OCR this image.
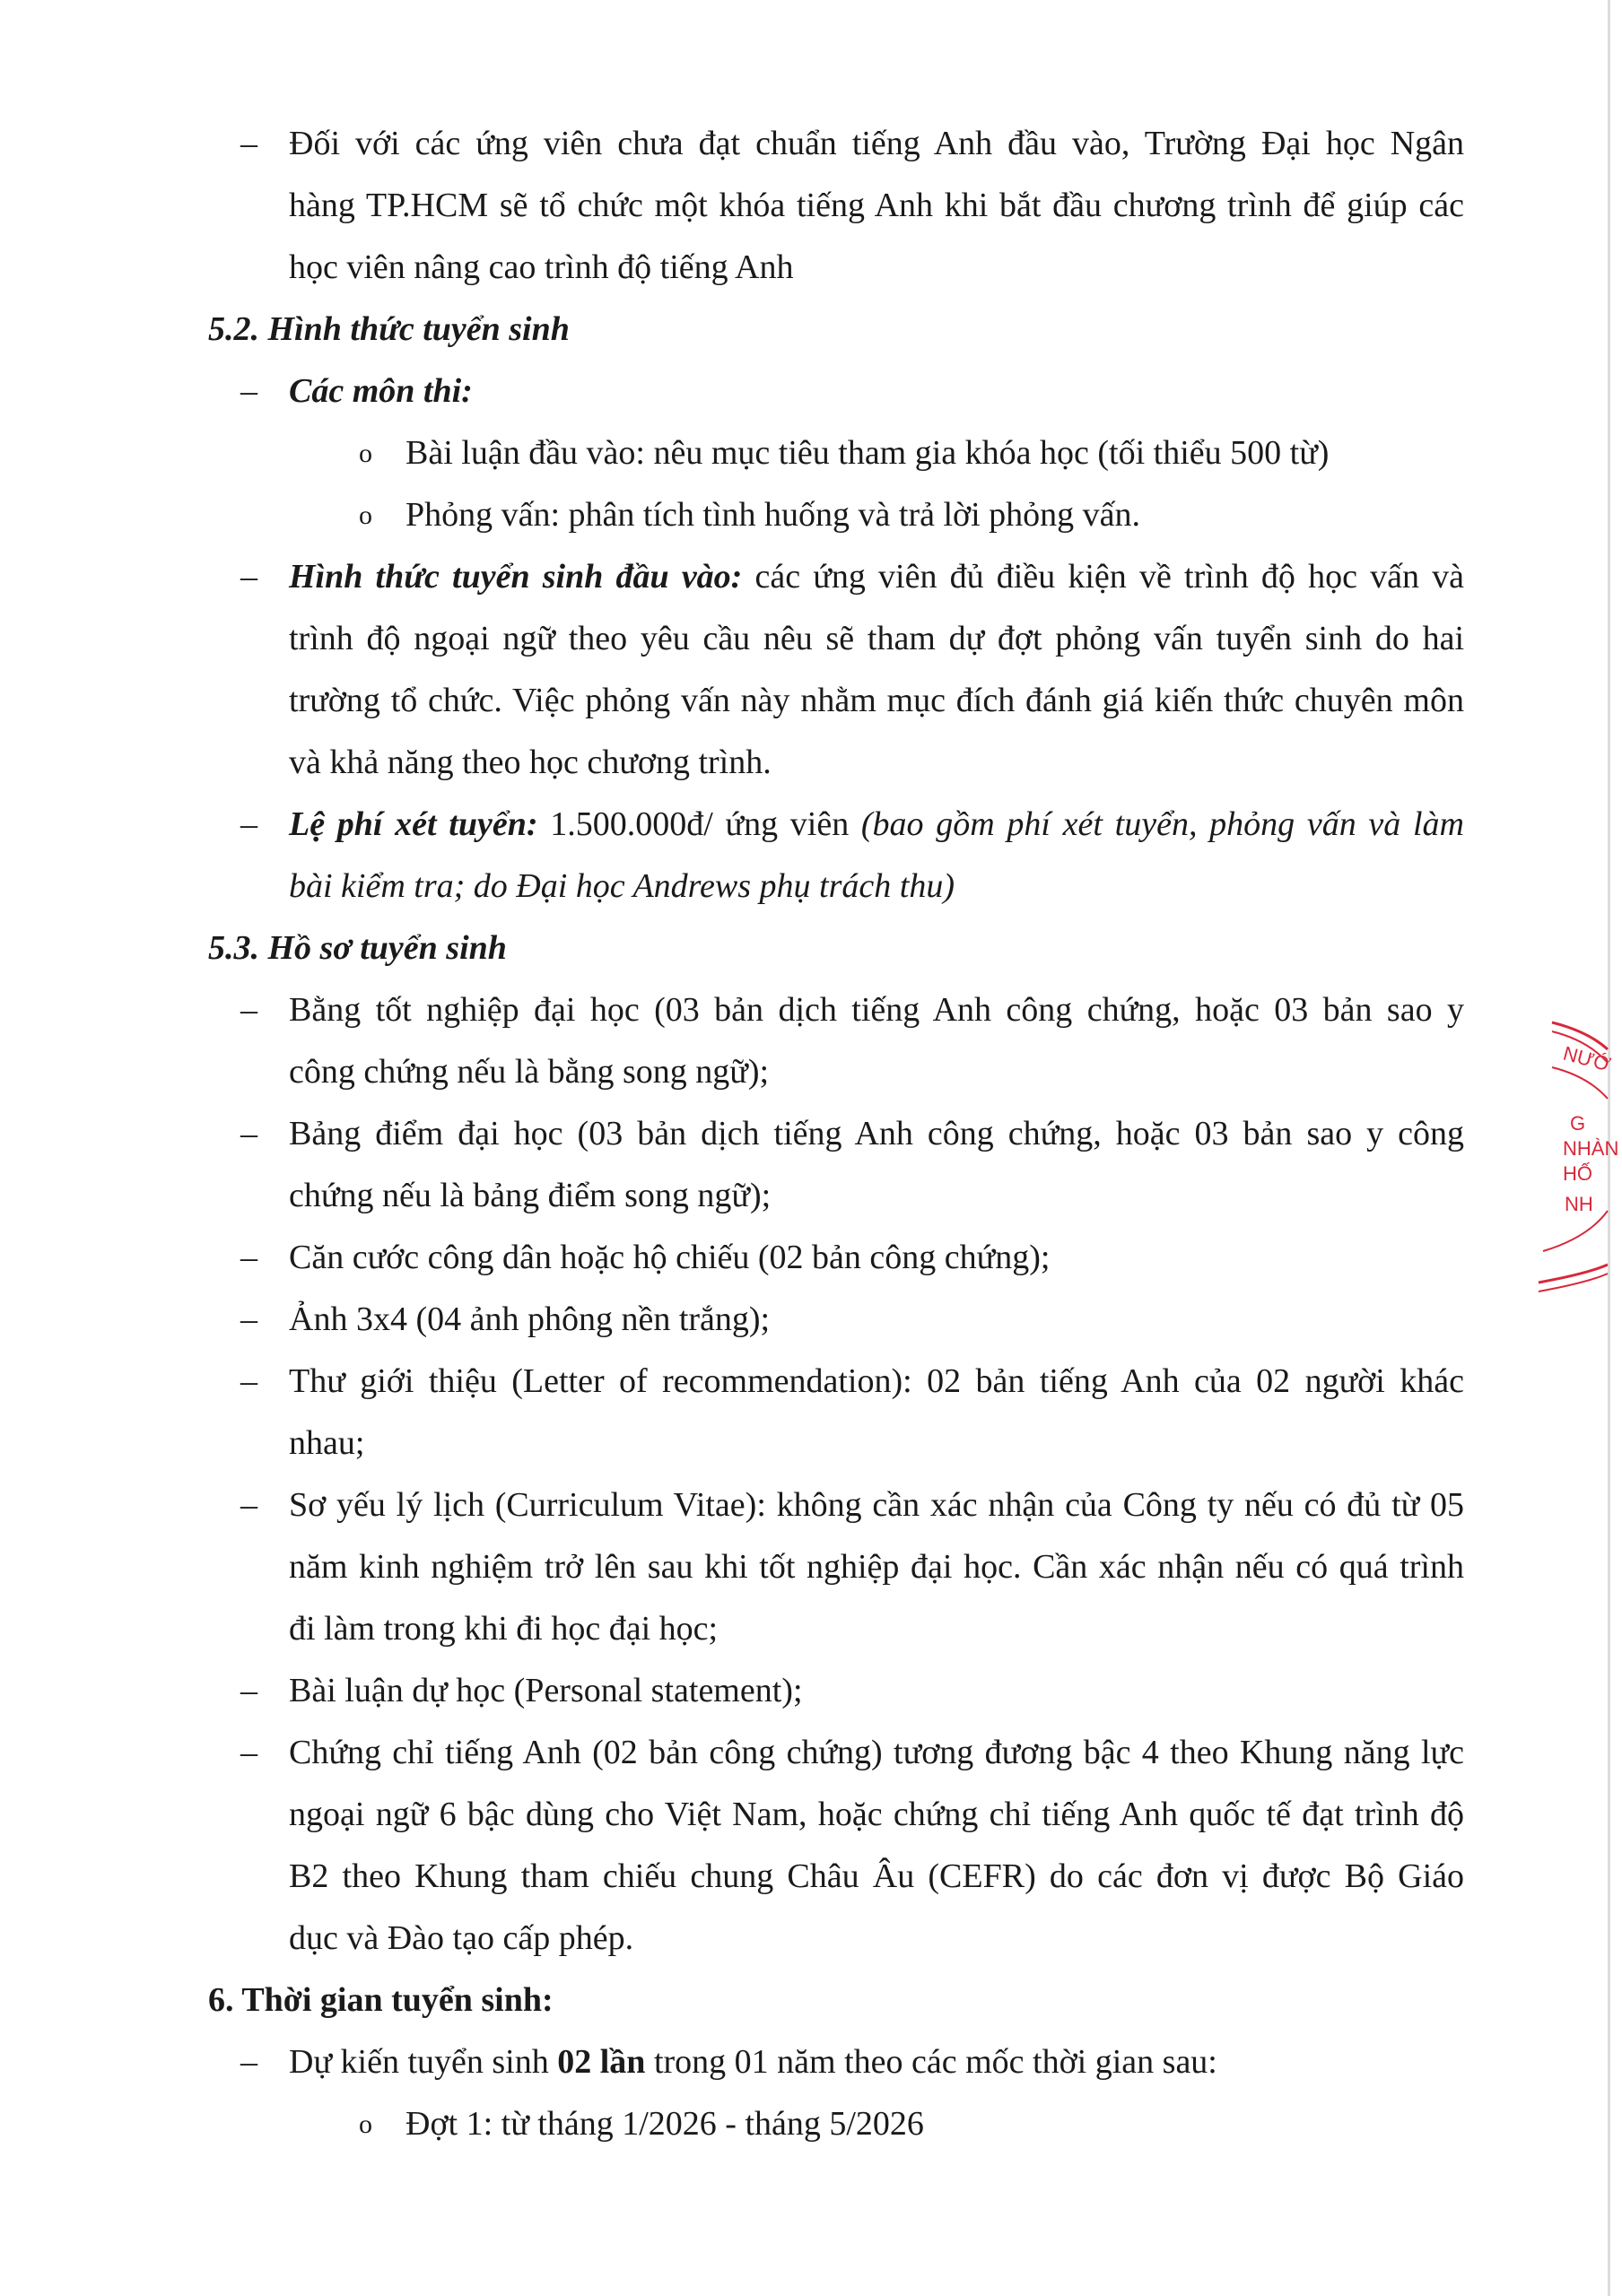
– Đối với các ứng viên chưa đạt chuẩn tiếng Anh đầu vào, Trường Đại học Ngân
hàng TP.HCM sẽ tổ chức một khóa tiếng Anh khi bắt đầu chương trình để giúp các
học viên nâng cao trình độ tiếng Anh
5.2. Hình thức tuyển sinh
– Các môn thi:
o Bài luận đầu vào: nêu mục tiêu tham gia khóa học (tối thiểu 500 từ)
o Phỏng vấn: phân tích tình huống và trả lời phỏng vấn.
– Hình thức tuyển sinh đầu vào: các ứng viên đủ điều kiện về trình độ học vấn và
trình độ ngoại ngữ theo yêu cầu nêu sẽ tham dự đợt phỏng vấn tuyển sinh do hai
trường tổ chức. Việc phỏng vấn này nhằm mục đích đánh giá kiến thức chuyên môn
và khả năng theo học chương trình.
– Lệ phí xét tuyển: 1.500.000đ/ ứng viên (bao gồm phí xét tuyển, phỏng vấn và làm
bài kiểm tra; do Đại học Andrews phụ trách thu)
5.3. Hồ sơ tuyển sinh
– Bằng tốt nghiệp đại học (03 bản dịch tiếng Anh công chứng, hoặc 03 bản sao y
công chứng nếu là bằng song ngữ);
– Bảng điểm đại học (03 bản dịch tiếng Anh công chứng, hoặc 03 bản sao y công
chứng nếu là bảng điểm song ngữ);
– Căn cước công dân hoặc hộ chiếu (02 bản công chứng);
– Ảnh 3x4 (04 ảnh phông nền trắng);
– Thư giới thiệu (Letter of recommendation): 02 bản tiếng Anh của 02 người khác
nhau;
– Sơ yếu lý lịch (Curriculum Vitae): không cần xác nhận của Công ty nếu có đủ từ 05
năm kinh nghiệm trở lên sau khi tốt nghiệp đại học. Cần xác nhận nếu có quá trình
đi làm trong khi đi học đại học;
– Bài luận dự học (Personal statement);
– Chứng chỉ tiếng Anh (02 bản công chứng) tương đương bậc 4 theo Khung năng lực
ngoại ngữ 6 bậc dùng cho Việt Nam, hoặc chứng chỉ tiếng Anh quốc tế đạt trình độ
B2 theo Khung tham chiếu chung Châu Âu (CEFR) do các đơn vị được Bộ Giáo
dục và Đào tạo cấp phép.
6. Thời gian tuyển sinh:
– Dự kiến tuyển sinh 02 lần trong 01 năm theo các mốc thời gian sau:
o Đợt 1: từ tháng 1/2026 - tháng 5/2026
NƯỚ
G
NHÀN
HỐ
NH
